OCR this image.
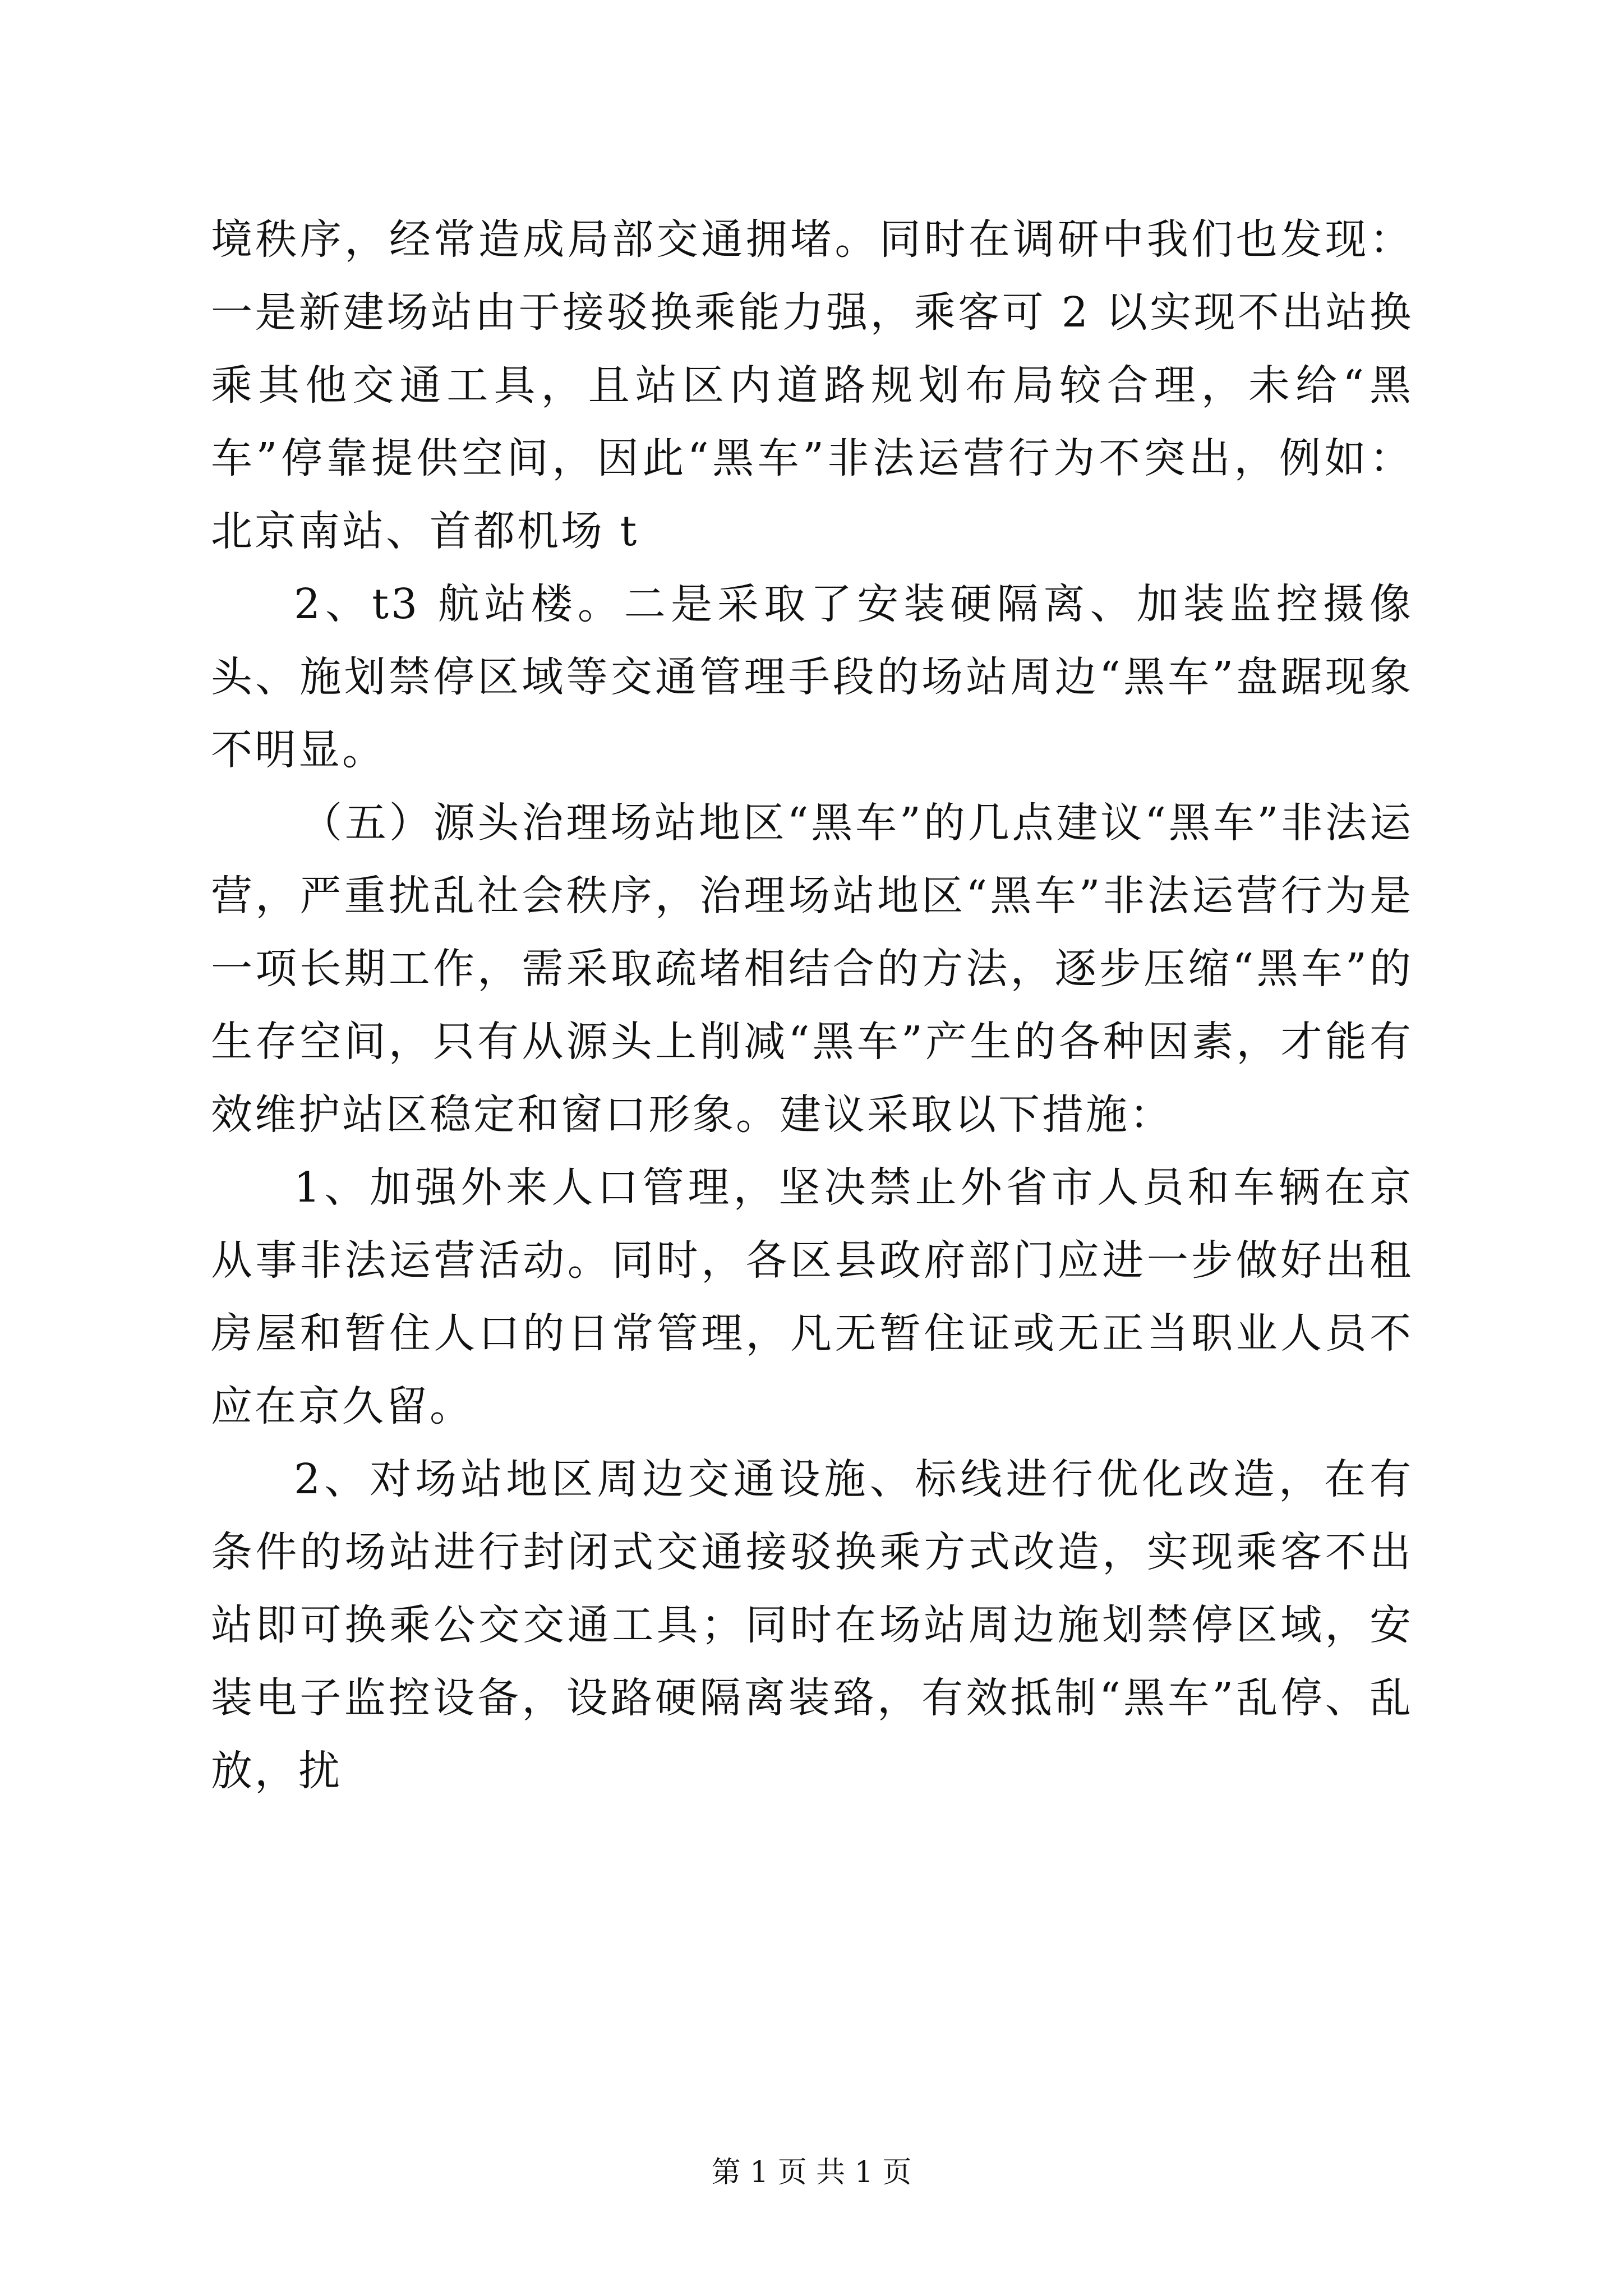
境秩序，经常造成局部交通拥堵。同时在调研中我们也发现：一是新建场站由于接驳换乘能力强，乘客可 2 以实现不出站换乘其他交通工具，且站区内道路规划布局较合理，未给“黑车”停靠提供空间，因此“黑车”非法运营行为不突出，例如：北京南站、首都机场 t

2、t3 航站楼。二是采取了安装硬隔离、加装监控摄像头、施划禁停区域等交通管理手段的场站周边“黑车”盘踞现象不明显。

（五）源头治理场站地区“黑车”的几点建议“黑车”非法运营，严重扰乱社会秩序，治理场站地区“黑车”非法运营行为是一项长期工作，需采取疏堵相结合的方法，逐步压缩“黑车”的生存空间，只有从源头上削减“黑车”产生的各种因素，才能有效维护站区稳定和窗口形象。建议采取以下措施：

1、加强外来人口管理，坚决禁止外省市人员和车辆在京从事非法运营活动。同时，各区县政府部门应进一步做好出租房屋和暂住人口的日常管理，凡无暂住证或无正当职业人员不应在京久留。

2、对场站地区周边交通设施、标线进行优化改造，在有条件的场站进行封闭式交通接驳换乘方式改造，实现乘客不出站即可换乘公交交通工具；同时在场站周边施划禁停区域，安装电子监控设备，设路硬隔离装臵，有效抵制“黑车”乱停、乱放，扰

第 1 页 共 1 页
